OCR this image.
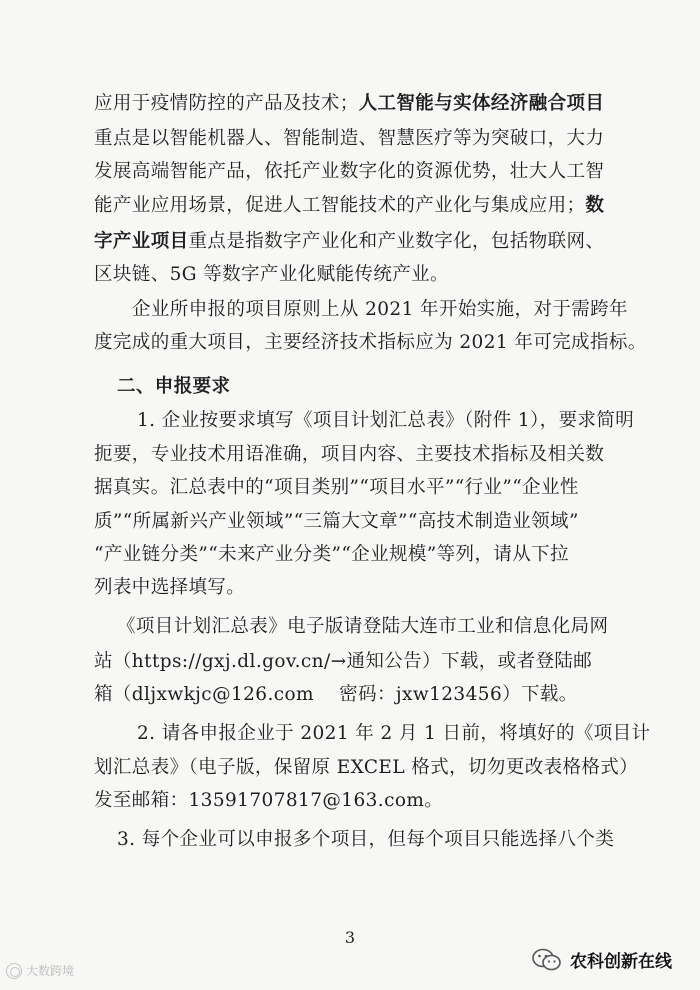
应用于疫情防控的产品及技术；人工智能与实体经济融合项目
重点是以智能机器人、智能制造、智慧医疗等为突破口，大力
发展高端智能产品，依托产业数字化的资源优势，壮大人工智
能产业应用场景，促进人工智能技术的产业化与集成应用；数
字产业项目重点是指数字产业化和产业数字化，包括物联网、
区块链、5G 等数字产业化赋能传统产业。
企业所申报的项目原则上从 2021 年开始实施，对于需跨年
度完成的重大项目，主要经济技术指标应为 2021 年可完成指标。
二、申报要求
1. 企业按要求填写《项目计划汇总表》（附件 1），要求简明
扼要，专业技术用语准确，项目内容、主要技术指标及相关数
据真实。汇总表中的“项目类别”“项目水平”“行业”“企业性
质”“所属新兴产业领域”“三篇大文章”“高技术制造业领域”
“产业链分类”“未来产业分类”“企业规模”等列，请从下拉
列表中选择填写。
《项目计划汇总表》电子版请登陆大连市工业和信息化局网
站（https://gxj.dl.gov.cn/→通知公告）下载，或者登陆邮
箱（dljxwkjc@126.com　 密码：jxw123456）下载。
2. 请各申报企业于 2021 年 2 月 1 日前，将填好的《项目计
划汇总表》（电子版，保留原 EXCEL 格式，切勿更改表格格式）
发至邮箱：13591707817@163.com。
3. 每个企业可以申报多个项目，但每个项目只能选择八个类
3
大数跨境	农科创新在线
